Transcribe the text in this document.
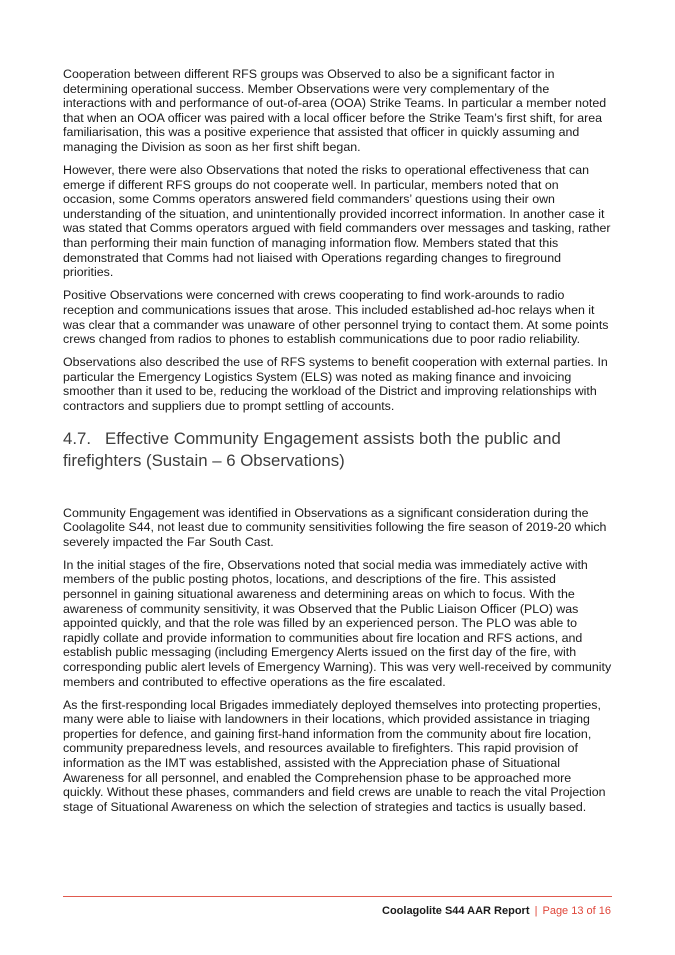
Cooperation between different RFS groups was Observed to also be a significant factor in determining operational success. Member Observations were very complementary of the interactions with and performance of out-of-area (OOA) Strike Teams. In particular a member noted that when an OOA officer was paired with a local officer before the Strike Team’s first shift, for area familiarisation, this was a positive experience that assisted that officer in quickly assuming and managing the Division as soon as her first shift began.

However, there were also Observations that noted the risks to operational effectiveness that can emerge if different RFS groups do not cooperate well. In particular, members noted that on occasion, some Comms operators answered field commanders’ questions using their own understanding of the situation, and unintentionally provided incorrect information. In another case it was stated that Comms operators argued with field commanders over messages and tasking, rather than performing their main function of managing information flow. Members stated that this demonstrated that Comms had not liaised with Operations regarding changes to fireground priorities.

Positive Observations were concerned with crews cooperating to find work-arounds to radio reception and communications issues that arose. This included established ad-hoc relays when it was clear that a commander was unaware of other personnel trying to contact them. At some points crews changed from radios to phones to establish communications due to poor radio reliability.

Observations also described the use of RFS systems to benefit cooperation with external parties. In particular the Emergency Logistics System (ELS) was noted as making finance and invoicing smoother than it used to be, reducing the workload of the District and improving relationships with contractors and suppliers due to prompt settling of accounts.

4.7. Effective Community Engagement assists both the public and firefighters (Sustain – 6 Observations)

Community Engagement was identified in Observations as a significant consideration during the Coolagolite S44, not least due to community sensitivities following the fire season of 2019-20 which severely impacted the Far South Cast.

In the initial stages of the fire, Observations noted that social media was immediately active with members of the public posting photos, locations, and descriptions of the fire. This assisted personnel in gaining situational awareness and determining areas on which to focus. With the awareness of community sensitivity, it was Observed that the Public Liaison Officer (PLO) was appointed quickly, and that the role was filled by an experienced person. The PLO was able to rapidly collate and provide information to communities about fire location and RFS actions, and establish public messaging (including Emergency Alerts issued on the first day of the fire, with corresponding public alert levels of Emergency Warning). This was very well-received by community members and contributed to effective operations as the fire escalated.

As the first-responding local Brigades immediately deployed themselves into protecting properties, many were able to liaise with landowners in their locations, which provided assistance in triaging properties for defence, and gaining first-hand information from the community about fire location, community preparedness levels, and resources available to firefighters. This rapid provision of information as the IMT was established, assisted with the Appreciation phase of Situational Awareness for all personnel, and enabled the Comprehension phase to be approached more quickly. Without these phases, commanders and field crews are unable to reach the vital Projection stage of Situational Awareness on which the selection of strategies and tactics is usually based.

Coolagolite S44 AAR Report | Page 13 of 16
